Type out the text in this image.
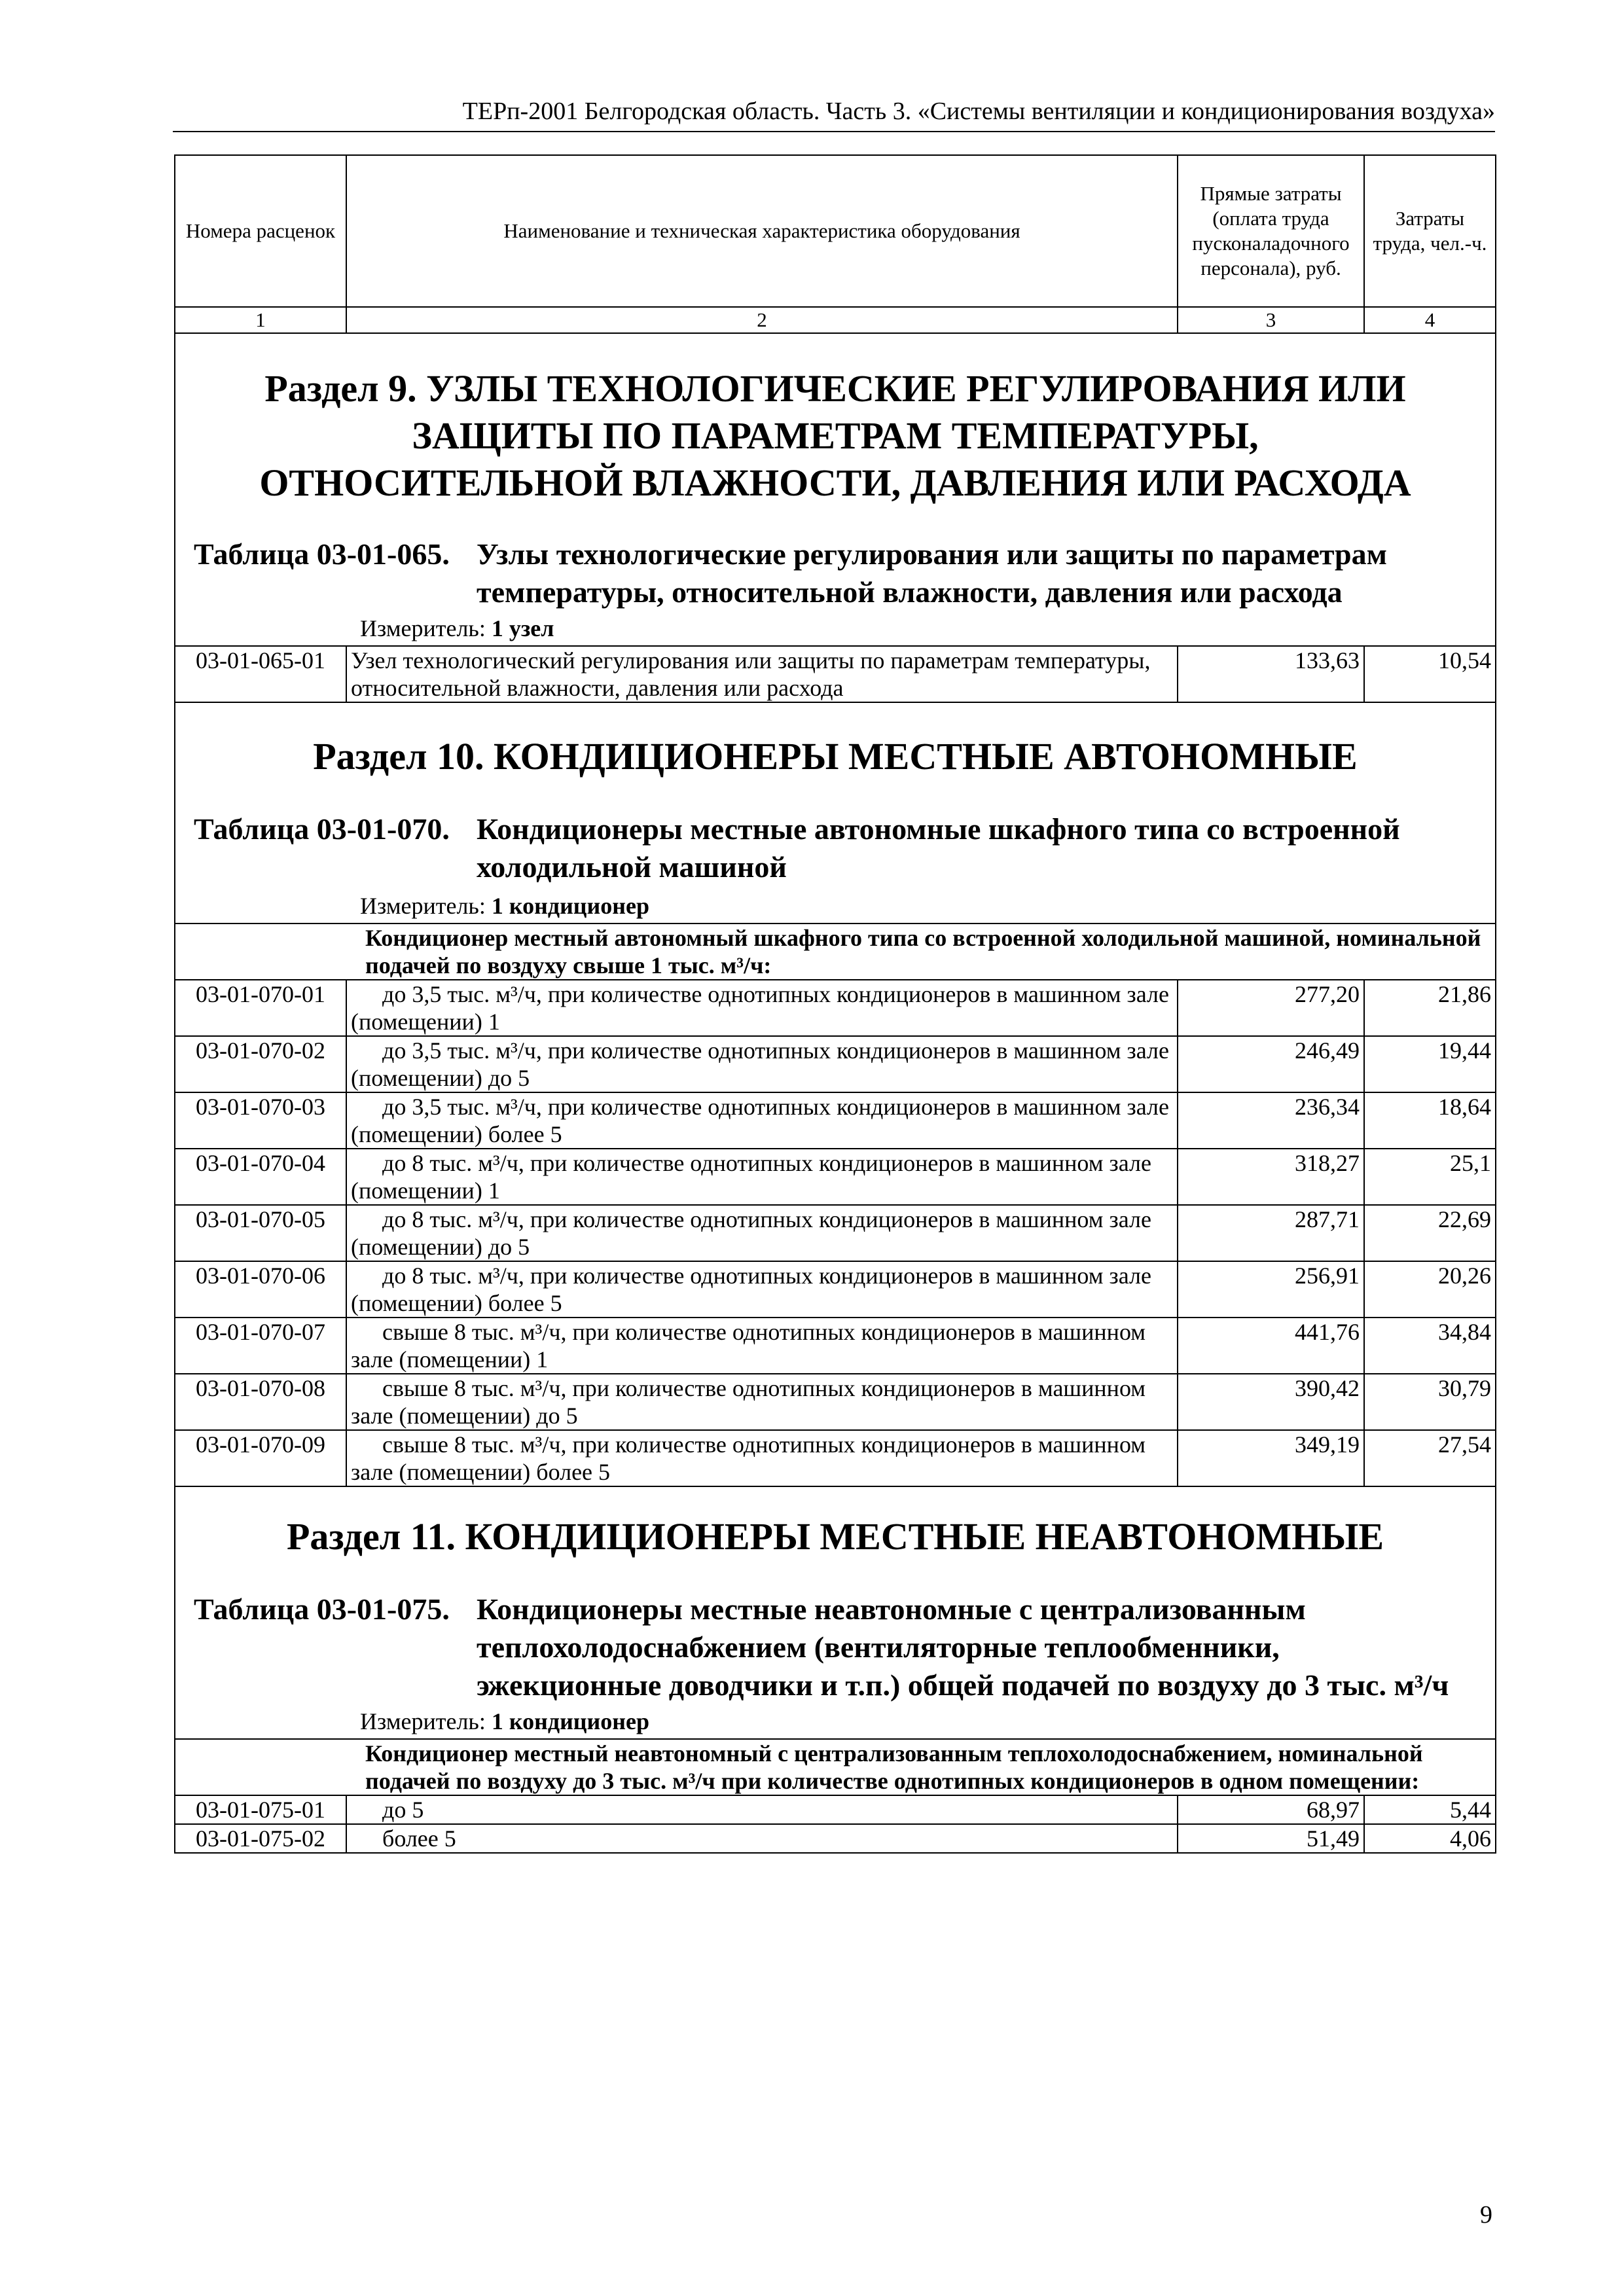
ТЕРп-2001 Белгородская область. Часть 3. «Системы вентиляции и кондиционирования воздуха»
Номера расценок	Наименование и техническая характеристика оборудования	Прямые затраты (оплата труда пусконаладочного персонала), руб.	Затраты труда, чел.-ч.
1	2	3	4

Раздел 9. УЗЛЫ ТЕХНОЛОГИЧЕСКИЕ РЕГУЛИРОВАНИЯ ИЛИ ЗАЩИТЫ ПО ПАРАМЕТРАМ ТЕМПЕРАТУРЫ, ОТНОСИТЕЛЬНОЙ ВЛАЖНОСТИ, ДАВЛЕНИЯ ИЛИ РАСХОДА

Таблица 03-01-065. Узлы технологические регулирования или защиты по параметрам температуры, относительной влажности, давления или расхода
Измеритель: 1 узел			

03-01-065-01	Узел технологический регулирования или защиты по параметрам температуры, относительной влажности, давления или расхода	133,63	10,54

Раздел 10. КОНДИЦИОНЕРЫ МЕСТНЫЕ АВТОНОМНЫЕ

Таблица 03-01-070. Кондиционеры местные автономные шкафного типа со встроенной холодильной машиной
Измеритель: 1 кондиционер			

Кондиционер местный автономный шкафного типа со встроенной холодильной машиной, номинальной подачей по воздуху свыше 1 тыс. м³/ч:			
03-01-070-01	до 3,5 тыс. м³/ч, при количестве однотипных кондиционеров в машинном зале (помещении) 1	277,20	21,86
03-01-070-02	до 3,5 тыс. м³/ч, при количестве однотипных кондиционеров в машинном зале (помещении) до 5	246,49	19,44
03-01-070-03	до 3,5 тыс. м³/ч, при количестве однотипных кондиционеров в машинном зале (помещении) более 5	236,34	18,64
03-01-070-04	до 8 тыс. м³/ч, при количестве однотипных кондиционеров в машинном зале (помещении) 1	318,27	25,1
03-01-070-05	до 8 тыс. м³/ч, при количестве однотипных кондиционеров в машинном зале (помещении) до 5	287,71	22,69
03-01-070-06	до 8 тыс. м³/ч, при количестве однотипных кондиционеров в машинном зале (помещении) более 5	256,91	20,26
03-01-070-07	свыше 8 тыс. м³/ч, при количестве однотипных кондиционеров в машинном зале (помещении) 1	441,76	34,84
03-01-070-08	свыше 8 тыс. м³/ч, при количестве однотипных кондиционеров в машинном зале (помещении) до 5	390,42	30,79
03-01-070-09	свыше 8 тыс. м³/ч, при количестве однотипных кондиционеров в машинном зале (помещении) более 5	349,19	27,54

Раздел 11. КОНДИЦИОНЕРЫ МЕСТНЫЕ НЕАВТОНОМНЫЕ

Таблица 03-01-075. Кондиционеры местные неавтономные с централизованным теплохолодоснабжением (вентиляторные теплообменники, эжекционные доводчики и т.п.) общей подачей по воздуху до 3 тыс. м³/ч
Измеритель: 1 кондиционер			

Кондиционер местный неавтономный с централизованным теплохолодоснабжением, номинальной подачей по воздуху до 3 тыс. м³/ч при количестве однотипных кондиционеров в одном помещении:			
03-01-075-01	до 5	68,97	5,44
03-01-075-02	более 5	51,49	4,06
9
